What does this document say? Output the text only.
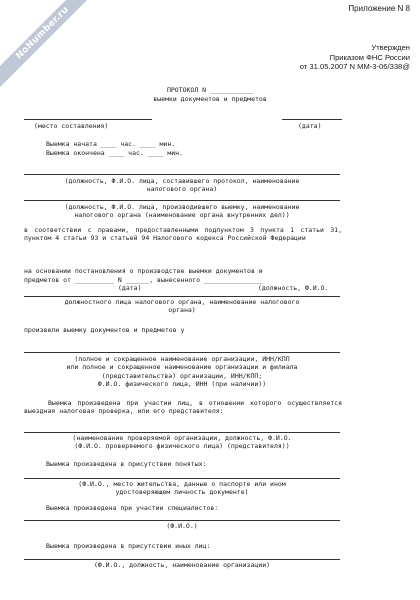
NoNumber.ru	Приложение N 8
Утвержден
Приказом ФНС России
от 31.05.2007 N ММ-3-06/338@
ПРОТОКОЛ N ___________
выемки документов и предметов
(место составления)	(дата)
Выемка начата ____ час. ____ мин.
Выемка окончена ____ час. ____ мин.
(должность, Ф.И.О. лица, составившего протокол, наименование
налогового органа)
(должность, Ф.И.О. лица, производившего выемку, наименование
налогового органа (наименование органа внутренних дел))
в соответствии с правами, предоставленными подпунктом 3 пункта 1 статьи 31, пунктом 4 статьи 93 и статьей 94 Налогового кодекса Российской Федерации
на основании постановления о производстве выемки документов и
предметов от __________ N ______, вынесенного _______________
(дата)	(должность, Ф.И.О.
должностного лица налогового органа, наименование налогового
органа)
произвели выемку документов и предметов у
(полное и сокращенное наименование организации, ИНН/КПП
или полное и сокращенное наименование организации и филиала
(представительства) организации, ИНН/КПП;
Ф.И.О. физического лица, ИНН (при наличии))
Выемка произведена при участии лиц, в отношении которого осуществляется выездная налоговая проверка, или его представителя:
(наименование проверяемой организации, должность, Ф.И.О.
(Ф.И.О. проверяемого физического лица) (представителя))
Выемка произведена в присутствии понятых:
(Ф.И.О., место жительства, данные о паспорте или ином
удостоверяющем личность документе)
Выемка произведена при участии специалистов:
(Ф.И.О.)
Выемка произведена в присутствии иных лиц:
(Ф.И.О., должность, наименование организации)
